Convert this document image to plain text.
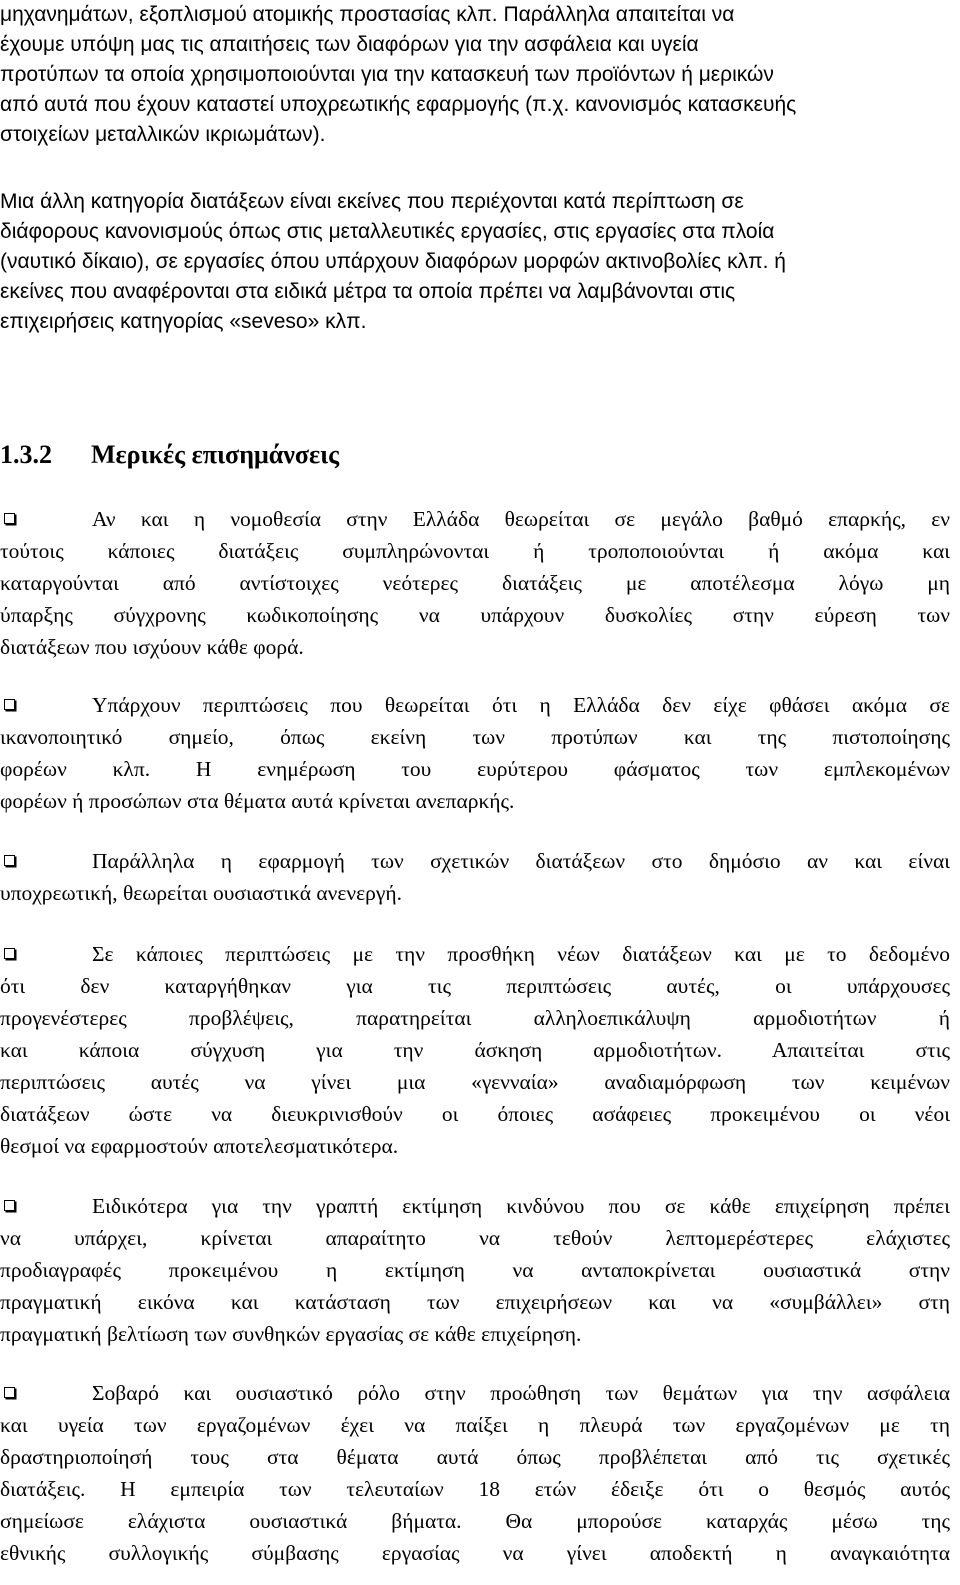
μηχανημάτων, εξοπλισμού ατομικής προστασίας κλπ. Παράλληλα απαιτείται να
έχουμε υπόψη μας τις απαιτήσεις των διαφόρων για την ασφάλεια και υγεία
προτύπων τα οποία χρησιμοποιούνται για την κατασκευή των προϊόντων ή μερικών
από αυτά που έχουν καταστεί υποχρεωτικής εφαρμογής (π.χ. κανονισμός κατασκευής
στοιχείων μεταλλικών ικριωμάτων).
Μια άλλη κατηγορία διατάξεων είναι εκείνες που περιέχονται κατά περίπτωση σε
διάφορους κανονισμούς όπως στις μεταλλευτικές εργασίες, στις εργασίες στα πλοία
(ναυτικό δίκαιο), σε εργασίες όπου υπάρχουν διαφόρων μορφών ακτινοβολίες κλπ. ή
εκείνες που αναφέρονται στα ειδικά μέτρα τα οποία πρέπει να λαμβάνονται στις
επιχειρήσεις κατηγορίας «seveso» κλπ.
1.3.2 Μερικές επισημάνσεις
Αν και η νομοθεσία στην Ελλάδα θεωρείται σε μεγάλο βαθμό επαρκής, εν
τούτοις κάποιες διατάξεις συμπληρώνονται ή τροποποιούνται ή ακόμα και
καταργούνται από αντίστοιχες νεότερες διατάξεις με αποτέλεσμα λόγω μη
ύπαρξης σύγχρονης κωδικοποίησης να υπάρχουν δυσκολίες στην εύρεση των
διατάξεων που ισχύουν κάθε φορά.
Υπάρχουν περιπτώσεις που θεωρείται ότι η Ελλάδα δεν είχε φθάσει ακόμα σε
ικανοποιητικό σημείο, όπως εκείνη των προτύπων και της πιστοποίησης
φορέων κλπ. Η ενημέρωση του ευρύτερου φάσματος των εμπλεκομένων
φορέων ή προσώπων στα θέματα αυτά κρίνεται ανεπαρκής.
Παράλληλα η εφαρμογή των σχετικών διατάξεων στο δημόσιο αν και είναι
υποχρεωτική, θεωρείται ουσιαστικά ανενεργή.
Σε κάποιες περιπτώσεις με την προσθήκη νέων διατάξεων και με το δεδομένο
ότι δεν καταργήθηκαν για τις περιπτώσεις αυτές, οι υπάρχουσες
προγενέστερες προβλέψεις, παρατηρείται αλληλοεπικάλυψη αρμοδιοτήτων ή
και κάποια σύγχυση για την άσκηση αρμοδιοτήτων. Απαιτείται στις
περιπτώσεις αυτές να γίνει μια «γενναία» αναδιαμόρφωση των κειμένων
διατάξεων ώστε να διευκρινισθούν οι όποιες ασάφειες προκειμένου οι νέοι
θεσμοί να εφαρμοστούν αποτελεσματικότερα.
Ειδικότερα για την γραπτή εκτίμηση κινδύνου που σε κάθε επιχείρηση πρέπει
να υπάρχει, κρίνεται απαραίτητο να τεθούν λεπτομερέστερες ελάχιστες
προδιαγραφές προκειμένου η εκτίμηση να ανταποκρίνεται ουσιαστικά στην
πραγματική εικόνα και κατάσταση των επιχειρήσεων και να «συμβάλλει» στη
πραγματική βελτίωση των συνθηκών εργασίας σε κάθε επιχείρηση.
Σοβαρό και ουσιαστικό ρόλο στην προώθηση των θεμάτων για την ασφάλεια
και υγεία των εργαζομένων έχει να παίξει η πλευρά των εργαζομένων με τη
δραστηριοποίησή τους στα θέματα αυτά όπως προβλέπεται από τις σχετικές
διατάξεις. Η εμπειρία των τελευταίων 18 ετών έδειξε ότι ο θεσμός αυτός
σημείωσε ελάχιστα ουσιαστικά βήματα. Θα μπορούσε καταρχάς μέσω της
εθνικής συλλογικής σύμβασης εργασίας να γίνει αποδεκτή η αναγκαιότητα
